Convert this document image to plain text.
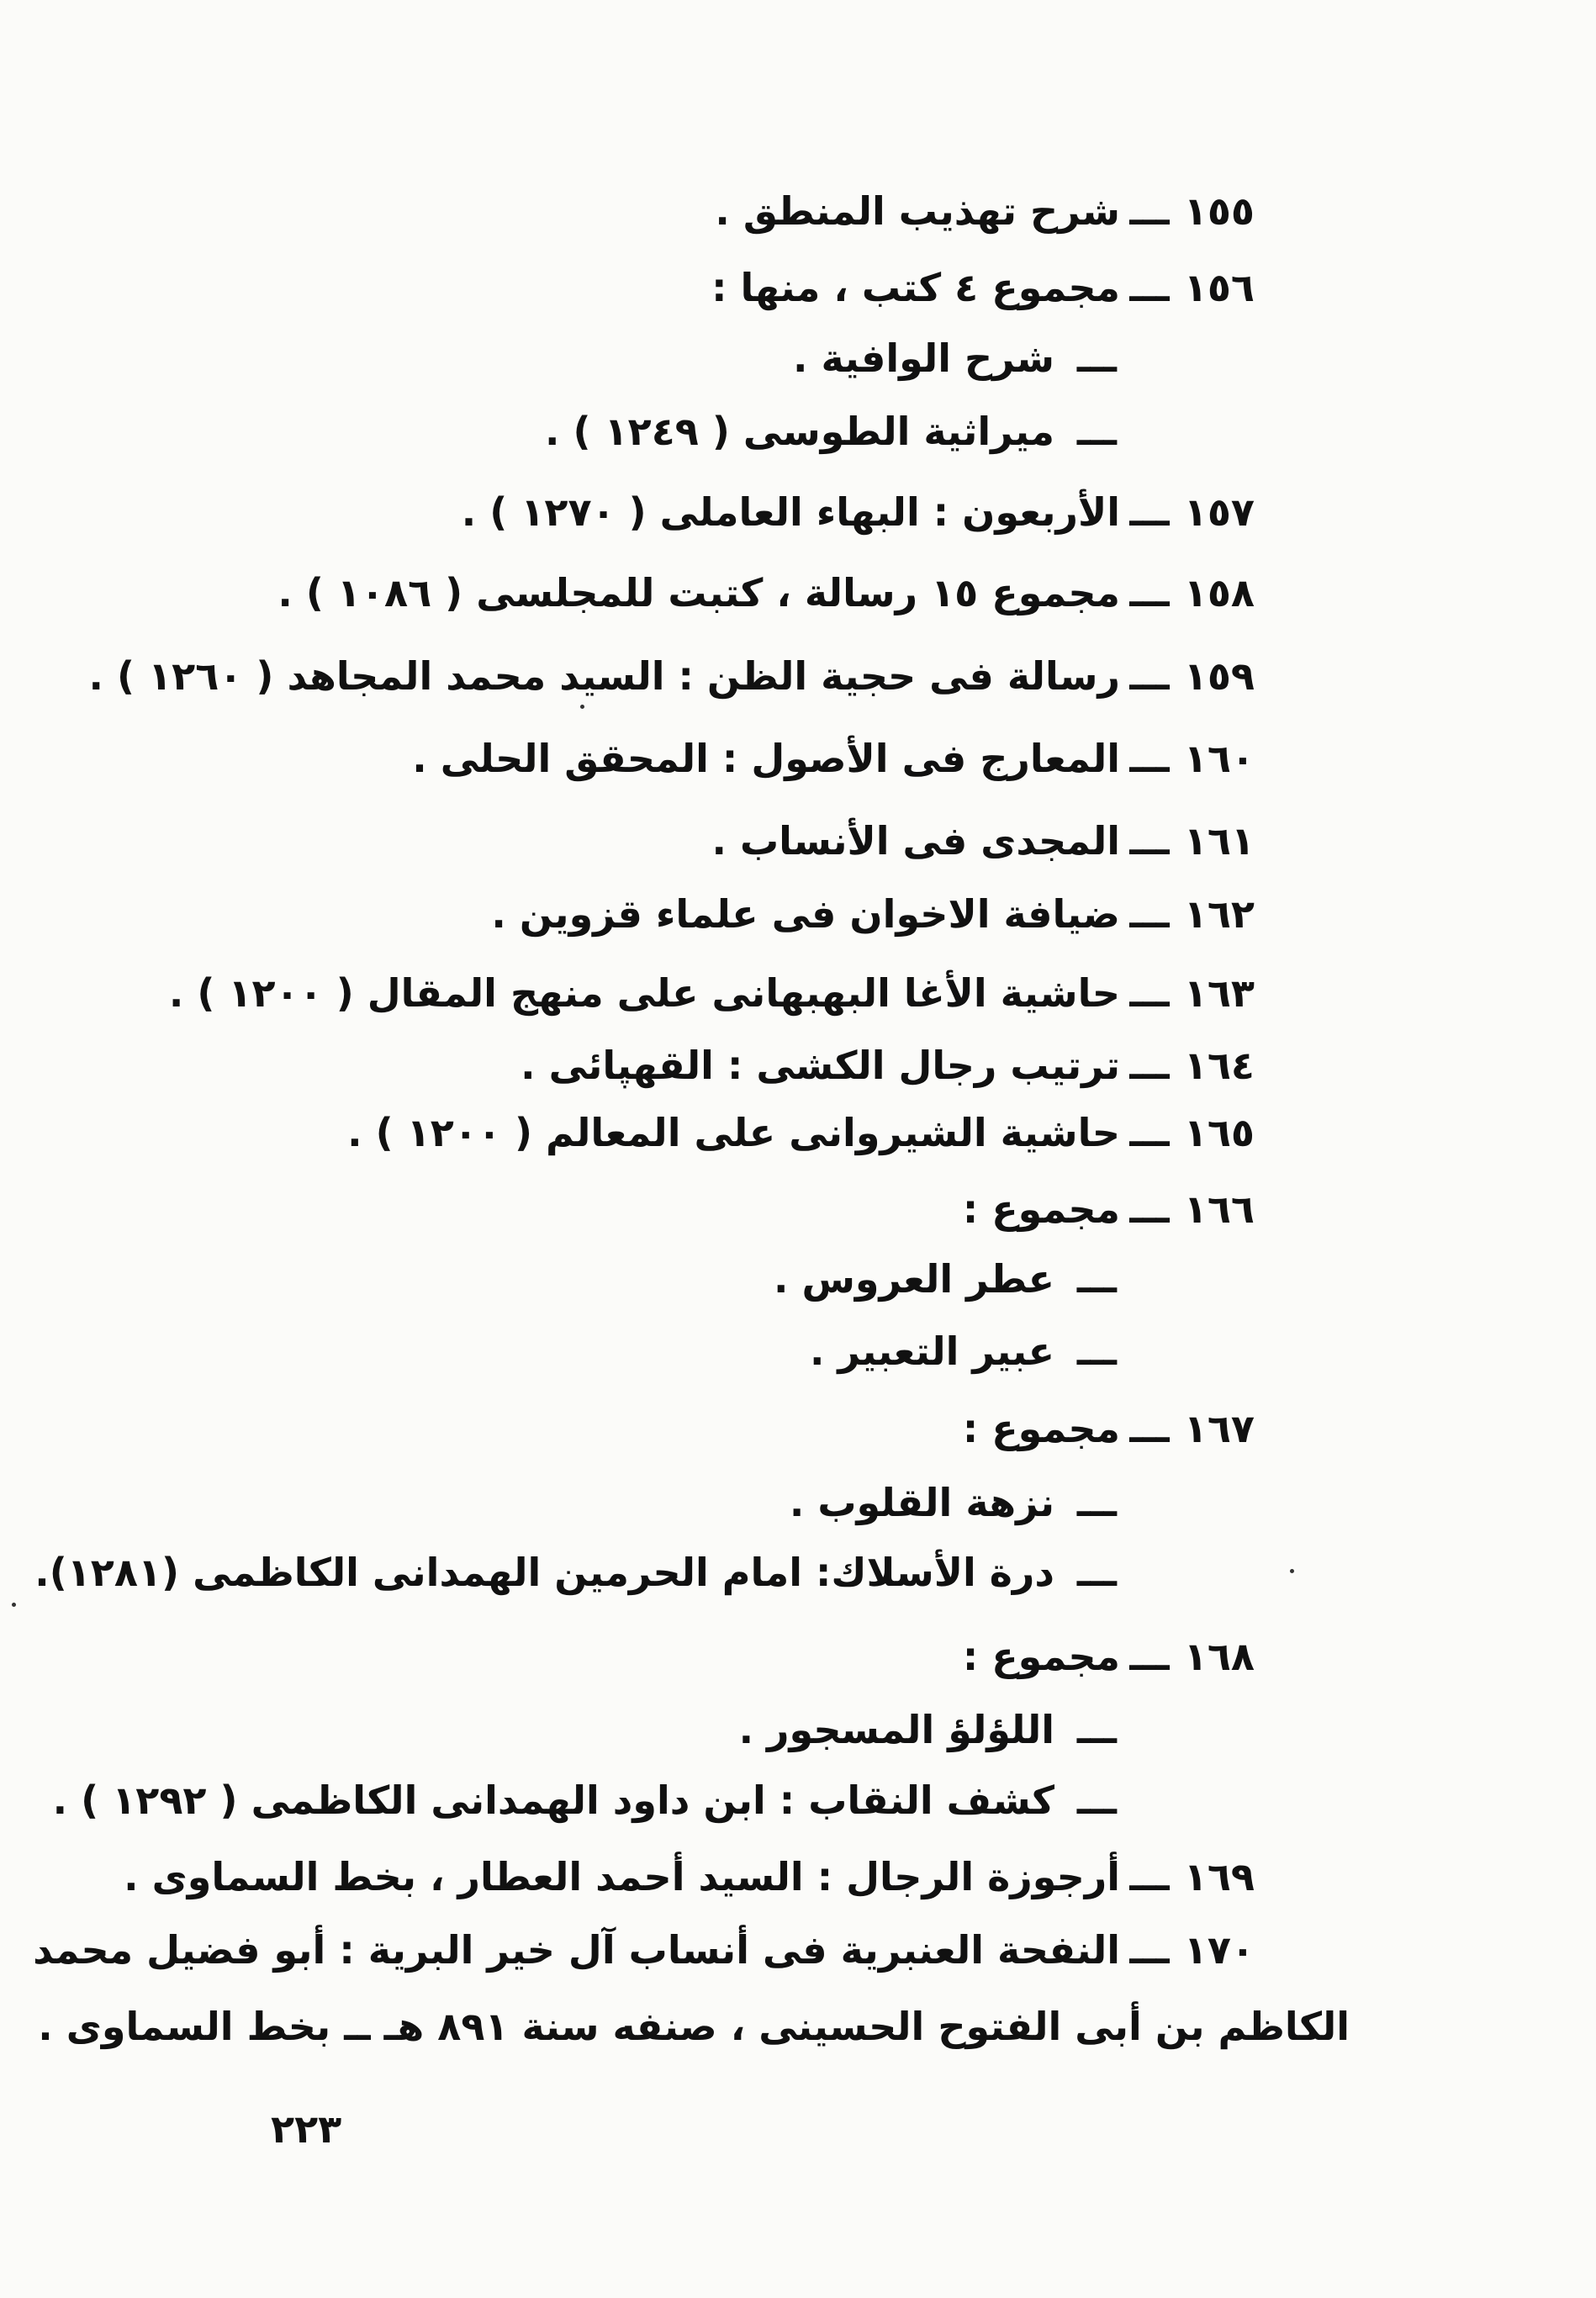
١٥٥ـــشرح تهذيب المنطق .
١٥٦ـــمجموع ٤ كتب ، منها :
ـــشرح الوافية .
ـــميراثية الطوسى ( ١٢٤٩ ) .
١٥٧ـــالأربعون : البهاء العاملى ( ١٢٧٠ ) .
١٥٨ـــمجموع ١٥ رسالة ، كتبت للمجلسى ( ١٠٨٦ ) .
١٥٩ـــرسالة فى حجية الظن : السيد محمد المجاهد ( ١٢٦٠ ) .
١٦٠ـــالمعارج فى الأصول : المحقق الحلى .
١٦١ـــالمجدى فى الأنساب .
١٦٢ـــضيافة الاخوان فى علماء قزوين .
١٦٣ـــحاشية الأغا البهبهانى على منهج المقال ( ١٢٠٠ ) .
١٦٤ـــترتيب رجال الكشى : القهپائى .
١٦٥ـــحاشية الشيروانى على المعالم ( ١٢٠٠ ) .
١٦٦ـــمجموع :
ـــعطر العروس .
ـــعبير التعبير .
١٦٧ـــمجموع :
ـــنزهة القلوب .
ـــدرة الأسلاك: امام الحرمين الهمدانى الكاظمى (١٢٨١).
١٦٨ـــمجموع :
ـــاللؤلؤ المسجور .
ـــكشف النقاب : ابن داود الهمدانى الكاظمى ( ١٢٩٢ ) .
١٦٩ـــأرجوزة الرجال : السيد أحمد العطار ، بخط السماوى .
١٧٠ـــالنفحة العنبرية فى أنساب آل خير البرية : أبو فضيل محمد
الكاظم بن أبى الفتوح الحسينى ، صنفه سنة ٨٩١ هـ ــ بخط السماوى .
٢٢٣
